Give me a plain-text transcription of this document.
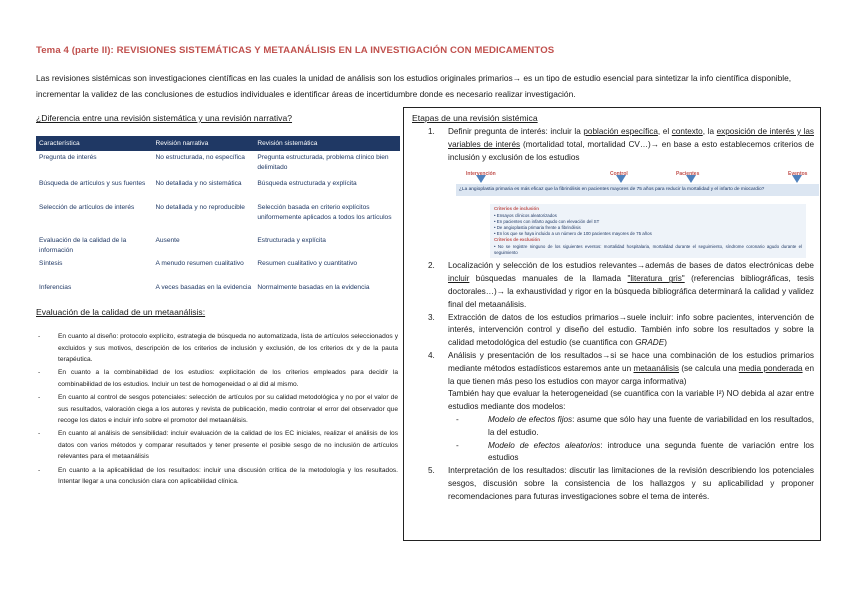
Tema 4 (parte II): REVISIONES SISTEMÁTICAS Y METAANÁLISIS EN LA INVESTIGACIÓN CON MEDICAMENTOS
Las revisiones sistémicas son investigaciones científicas en las cuales la unidad de análisis son los estudios originales primarios→ es un tipo de estudio esencial para sintetizar la info científica disponible, incrementar la validez de las conclusiones de estudios individuales e identificar áreas de incertidumbre donde es necesario realizar investigación.
¿Diferencia entre una revisión sistemática y una revisión narrativa?
Característica	Revisión narrativa	Revisión sistemática
Pregunta de interés	No estructurada, no específica	Pregunta estructurada, problema clínico bien delimitado
Búsqueda de artículos y sus fuentes	No detallada y no sistemática	Búsqueda estructurada y explícita
Selección de artículos de interés	No detallada y no reproducible	Selección basada en criterio explícitos uniformemente aplicados a todos los artículos
Evaluación de la calidad de la información	Ausente	Estructurada y explícita
Síntesis	A menudo resumen cualitativo	Resumen cualitativo y cuantitativo
Inferencias	A veces basadas en la evidencia	Normalmente basadas en la evidencia
Evaluación de la calidad de un metaanálisis:
- En cuanto al diseño: protocolo explícito, estrategia de búsqueda no automatizada, lista de artículos seleccionados y excluidos y sus motivos, descripción de los criterios de inclusión y exclusión, de los criterios dx y de la pauta terapéutica.
- En cuanto a la combinabilidad de los estudios: explicitación de los criterios empleados para decidir la combinabilidad de los estudios. Incluir un test de homogeneidad o al did al mismo.
- En cuanto al control de sesgos potenciales: selección de artículos por su calidad metodológica y no por el valor de sus resultados, valoración ciega a los autores y revista de publicación, medio controlar el error del observador que recoge los datos e incluir info sobre el promotor del metaanálisis.
- En cuanto al análisis de sensibilidad: incluir evaluación de la calidad de los EC iniciales, realizar el análisis de los datos con varios métodos y comparar resultados y tener presente el posible sesgo de no inclusión de artículos relevantes para el metaanálisis
- En cuanto a la aplicabilidad de los resultados: incluir una discusión crítica de la metodología y los resultados. Intentar llegar a una conclusión clara con aplicabilidad clínica.
Etapas de una revisión sistémica
1. Definir pregunta de interés: incluir la población específica, el contexto, la exposición de interés y las variables de interés (mortalidad total, mortalidad CV…)→ en base a esto establecemos criterios de inclusión y exclusión de los estudios
Intervención	Control	Pacientes	Eventos
¿La angioplastia primaria es más eficaz que la fibrinólisis en pacientes mayores de 75 años para reducir la mortalidad y el infarto de miocardio?
Criterios de inclusión
• Ensayos clínicos aleatorizados
• En pacientes con infarto agudo con elevación del ST
• De angioplastia primaria frente a fibrinólisis
• En los que se haya incluido a un número de 100 pacientes mayores de 75 años
Criterios de exclusión
• No se registre ninguno de los siguientes eventos: mortalidad hospitalaria, mortalidad durante el seguimiento, síndrome coronario agudo durante el seguimiento
2. Localización y selección de los estudios relevantes→además de bases de datos electrónicas debe incluir búsquedas manuales de la llamada "literatura gris" (referencias bibliográficas, tesis doctorales…)→ la exhaustividad y rigor en la búsqueda bibliográfica determinará la calidad y validez final del metaanálisis.
3. Extracción de datos de los estudios primarios→suele incluir: info sobre pacientes, intervención de interés, intervención control y diseño del estudio. También info sobre los resultados y sobre la calidad metodológica del estudio (se cuantifica con GRADE)
4. Análisis y presentación de los resultados→si se hace una combinación de los estudios primarios mediante métodos estadísticos estaremos ante un metaanálisis (se calcula una media ponderada en la que tienen más peso los estudios con mayor carga informativa)
También hay que evaluar la heterogeneidad (se cuantifica con la variable I²) NO debida al azar entre estudios mediante dos modelos:
- Modelo de efectos fijos: asume que sólo hay una fuente de variabilidad en los resultados, la del estudio.
- Modelo de efectos aleatorios: introduce una segunda fuente de variación entre los estudios
5. Interpretación de los resultados: discutir las limitaciones de la revisión describiendo los potenciales sesgos, discusión sobre la consistencia de los hallazgos y su aplicabilidad y proponer recomendaciones para futuras investigaciones sobre el tema de interés.
